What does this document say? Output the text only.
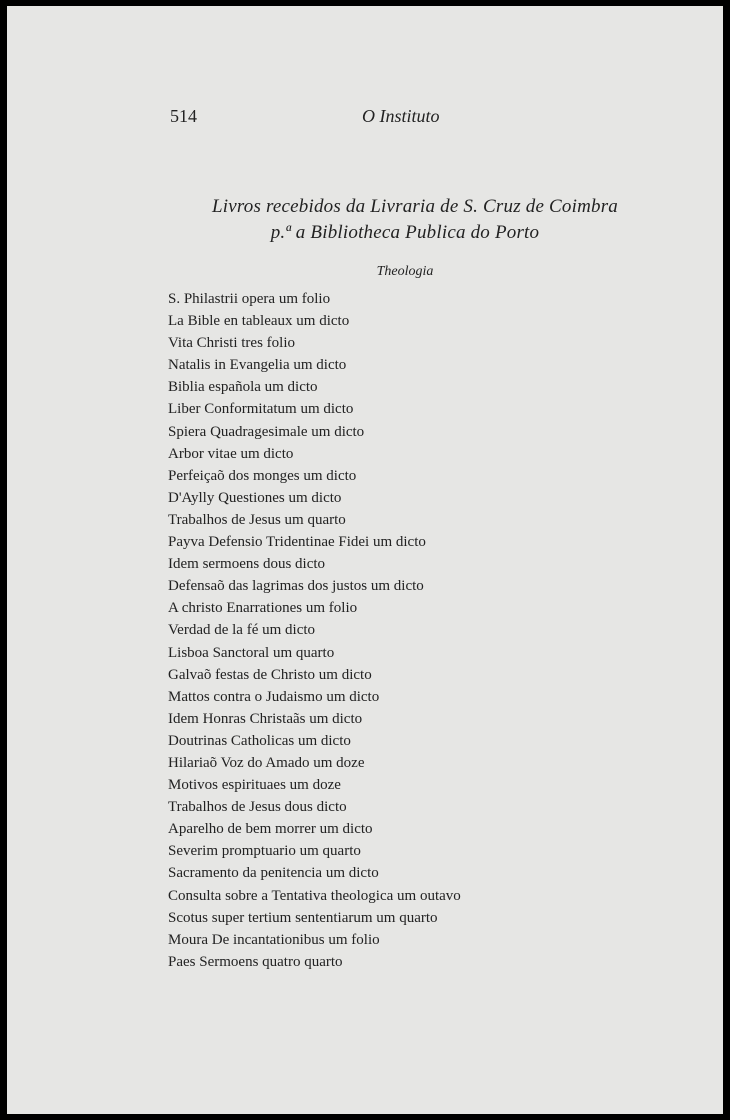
514	O Instituto
Livros recebidos da Livraria de S. Cruz de Coimbra
p.ª a Bibliotheca Publica do Porto
Theologia
S. Philastrii opera um folio
La Bible en tableaux um dicto
Vita Christi tres folio
Natalis in Evangelia um dicto
Biblia española um dicto
Liber Conformitatum um dicto
Spiera Quadragesimale um dicto
Arbor vitae um dicto
Perfeiçaõ dos monges um dicto
D'Aylly Questiones um dicto
Trabalhos de Jesus um quarto
Payva Defensio Tridentinae Fidei um dicto
Idem sermoens dous dicto
Defensaõ das lagrimas dos justos um dicto
A christo Enarrationes um folio
Verdad de la fé um dicto
Lisboa Sanctoral um quarto
Galvaõ festas de Christo um dicto
Mattos contra o Judaismo um dicto
Idem Honras Christaãs um dicto
Doutrinas Catholicas um dicto
Hilariaõ Voz do Amado um doze
Motivos espirituaes um doze
Trabalhos de Jesus dous dicto
Aparelho de bem morrer um dicto
Severim promptuario um quarto
Sacramento da penitencia um dicto
Consulta sobre a Tentativa theologica um outavo
Scotus super tertium sententiarum um quarto
Moura De incantationibus um folio
Paes Sermoens quatro quarto
